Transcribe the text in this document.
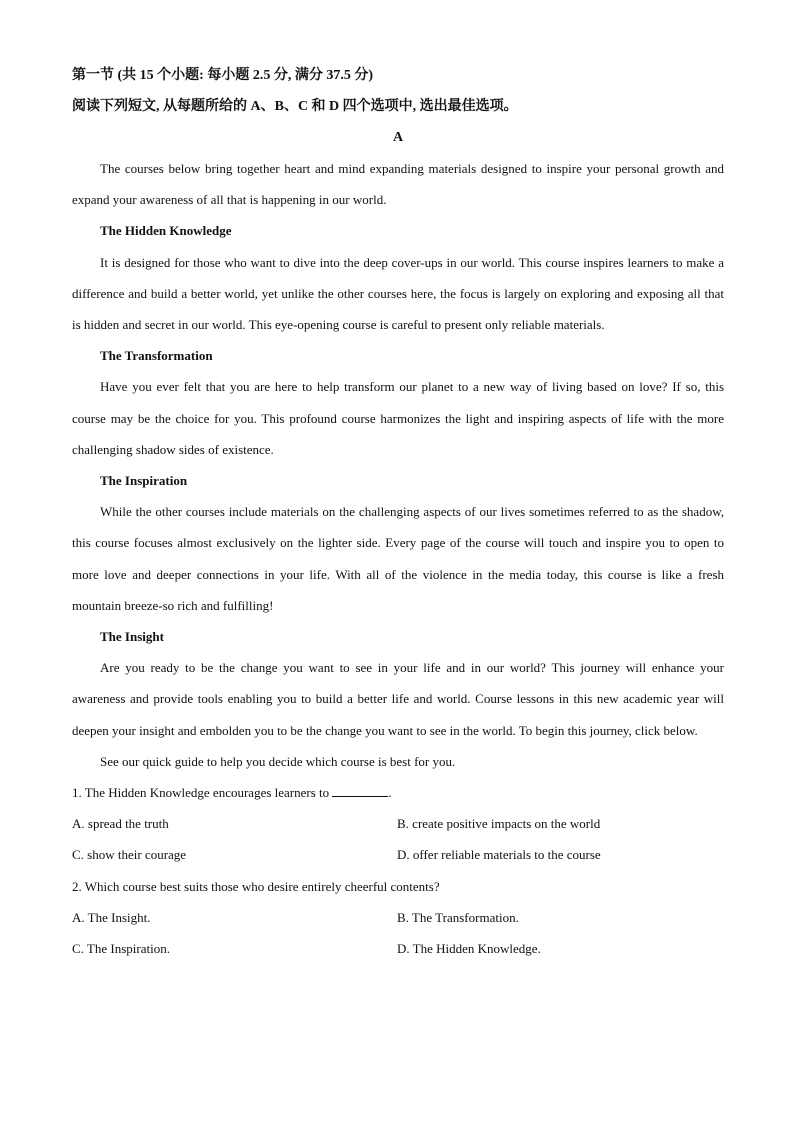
第一节 (共 15 个小题: 每小题 2.5 分, 满分 37.5 分)

阅读下列短文, 从每题所给的 A、B、C 和 D 四个选项中, 选出最佳选项。

A

The courses below bring together heart and mind expanding materials designed to inspire your personal growth and expand your awareness of all that is happening in our world.

The Hidden Knowledge

It is designed for those who want to dive into the deep cover-ups in our world. This course inspires learners to make a difference and build a better world, yet unlike the other courses here, the focus is largely on exploring and exposing all that is hidden and secret in our world. This eye-opening course is careful to present only reliable materials.

The Transformation

Have you ever felt that you are here to help transform our planet to a new way of living based on love? If so, this course may be the choice for you. This profound course harmonizes the light and inspiring aspects of life with the more challenging shadow sides of existence.

The Inspiration

While the other courses include materials on the challenging aspects of our lives sometimes referred to as the shadow, this course focuses almost exclusively on the lighter side. Every page of the course will touch and inspire you to open to more love and deeper connections in your life. With all of the violence in the media today, this course is like a fresh mountain breeze-so rich and fulfilling!

The Insight

Are you ready to be the change you want to see in your life and in our world? This journey will enhance your awareness and provide tools enabling you to build a better life and world. Course lessons in this new academic year will deepen your insight and embolden you to be the change you want to see in the world. To begin this journey, click below.

See our quick guide to help you decide which course is best for you.

1. The Hidden Knowledge encourages learners to	.

A. spread the truth	B. create positive impacts on the world
C. show their courage	D. offer reliable materials to the course

2. Which course best suits those who desire entirely cheerful contents?

A. The Insight.	B. The Transformation.
C. The Inspiration.	D. The Hidden Knowledge.
